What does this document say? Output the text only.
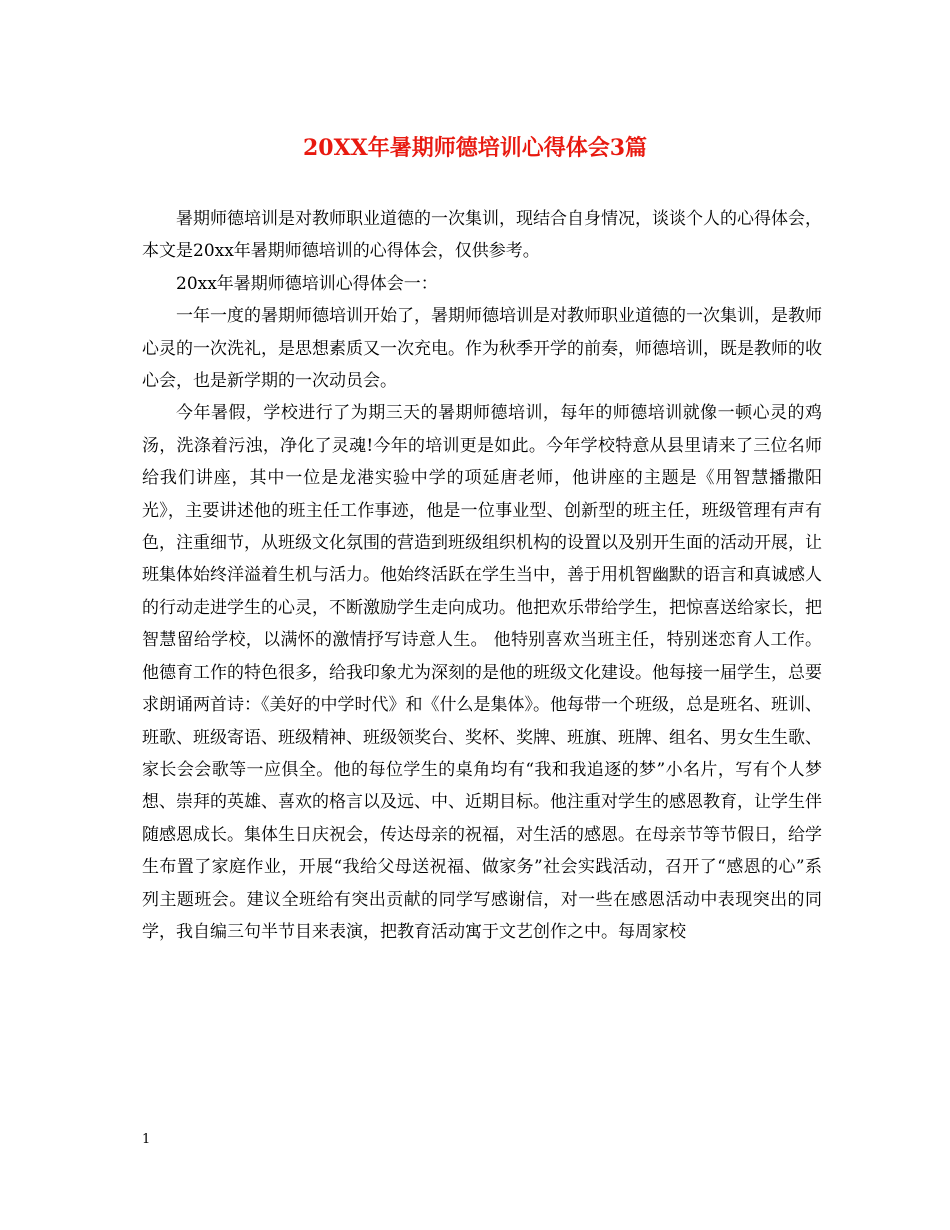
20XX年暑期师德培训心得体会3篇

暑期师德培训是对教师职业道德的一次集训，现结合自身情况，谈谈个人的心得体会，本文是20xx年暑期师德培训的心得体会，仅供参考。

20xx年暑期师德培训心得体会一：

一年一度的暑期师德培训开始了，暑期师德培训是对教师职业道德的一次集训，是教师心灵的一次洗礼，是思想素质又一次充电。作为秋季开学的前奏，师德培训，既是教师的收心会，也是新学期的一次动员会。

今年暑假，学校进行了为期三天的暑期师德培训，每年的师德培训就像一顿心灵的鸡汤，洗涤着污浊，净化了灵魂!今年的培训更是如此。今年学校特意从县里请来了三位名师给我们讲座，其中一位是龙港实验中学的项延唐老师，他讲座的主题是《用智慧播撒阳光》，主要讲述他的班主任工作事迹，他是一位事业型、创新型的班主任，班级管理有声有色，注重细节，从班级文化氛围的营造到班级组织机构的设置以及别开生面的活动开展，让班集体始终洋溢着生机与活力。他始终活跃在学生当中，善于用机智幽默的语言和真诚感人的行动走进学生的心灵，不断激励学生走向成功。他把欢乐带给学生，把惊喜送给家长，把智慧留给学校，以满怀的激情抒写诗意人生。 他特别喜欢当班主任，特别迷恋育人工作。他德育工作的特色很多，给我印象尤为深刻的是他的班级文化建设。他每接一届学生，总要求朗诵两首诗：《美好的中学时代》和《什么是集体》。他每带一个班级，总是班名、班训、班歌、班级寄语、班级精神、班级领奖台、奖杯、奖牌、班旗、班牌、组名、男女生生歌、家长会会歌等一应俱全。他的每位学生的桌角均有“我和我追逐的梦”小名片，写有个人梦想、崇拜的英雄、喜欢的格言以及远、中、近期目标。他注重对学生的感恩教育，让学生伴随感恩成长。集体生日庆祝会，传达母亲的祝福，对生活的感恩。在母亲节等节假日，给学生布置了家庭作业，开展“我给父母送祝福、做家务”社会实践活动，召开了“感恩的心”系列主题班会。建议全班给有突出贡献的同学写感谢信，对一些在感恩活动中表现突出的同学，我自编三句半节目来表演，把教育活动寓于文艺创作之中。每周家校

1
